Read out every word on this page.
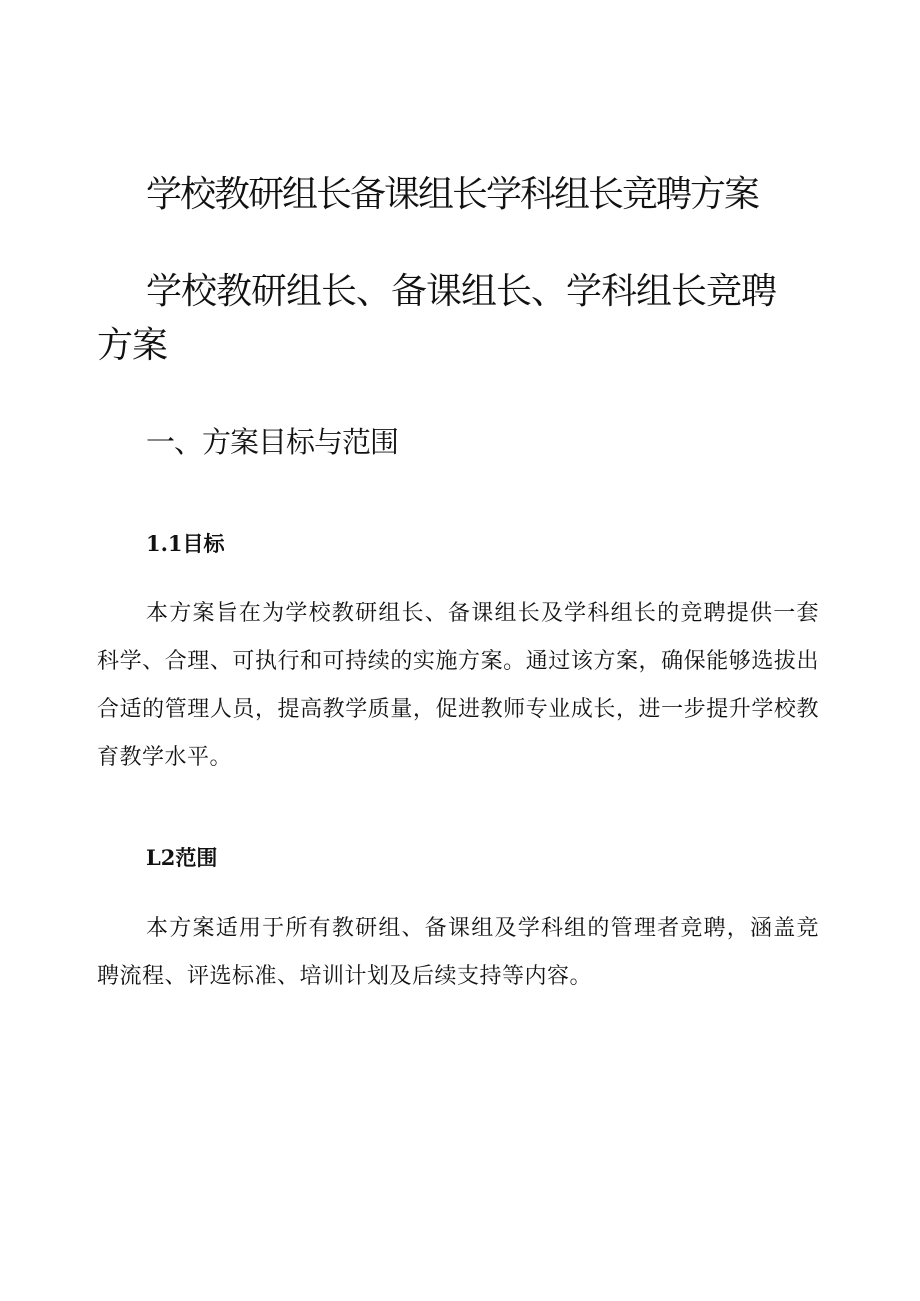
学校教研组长备课组长学科组长竞聘方案
学校教研组长、备课组长、学科组长竞聘方案
一、方案目标与范围
1.1目标

本方案旨在为学校教研组长、备课组长及学科组长的竞聘提供一套科学、合理、可执行和可持续的实施方案。通过该方案，确保能够选拔出合适的管理人员，提高教学质量，促进教师专业成长，进一步提升学校教育教学水平。

L2范围

本方案适用于所有教研组、备课组及学科组的管理者竞聘，涵盖竞聘流程、评选标准、培训计划及后续支持等内容。
